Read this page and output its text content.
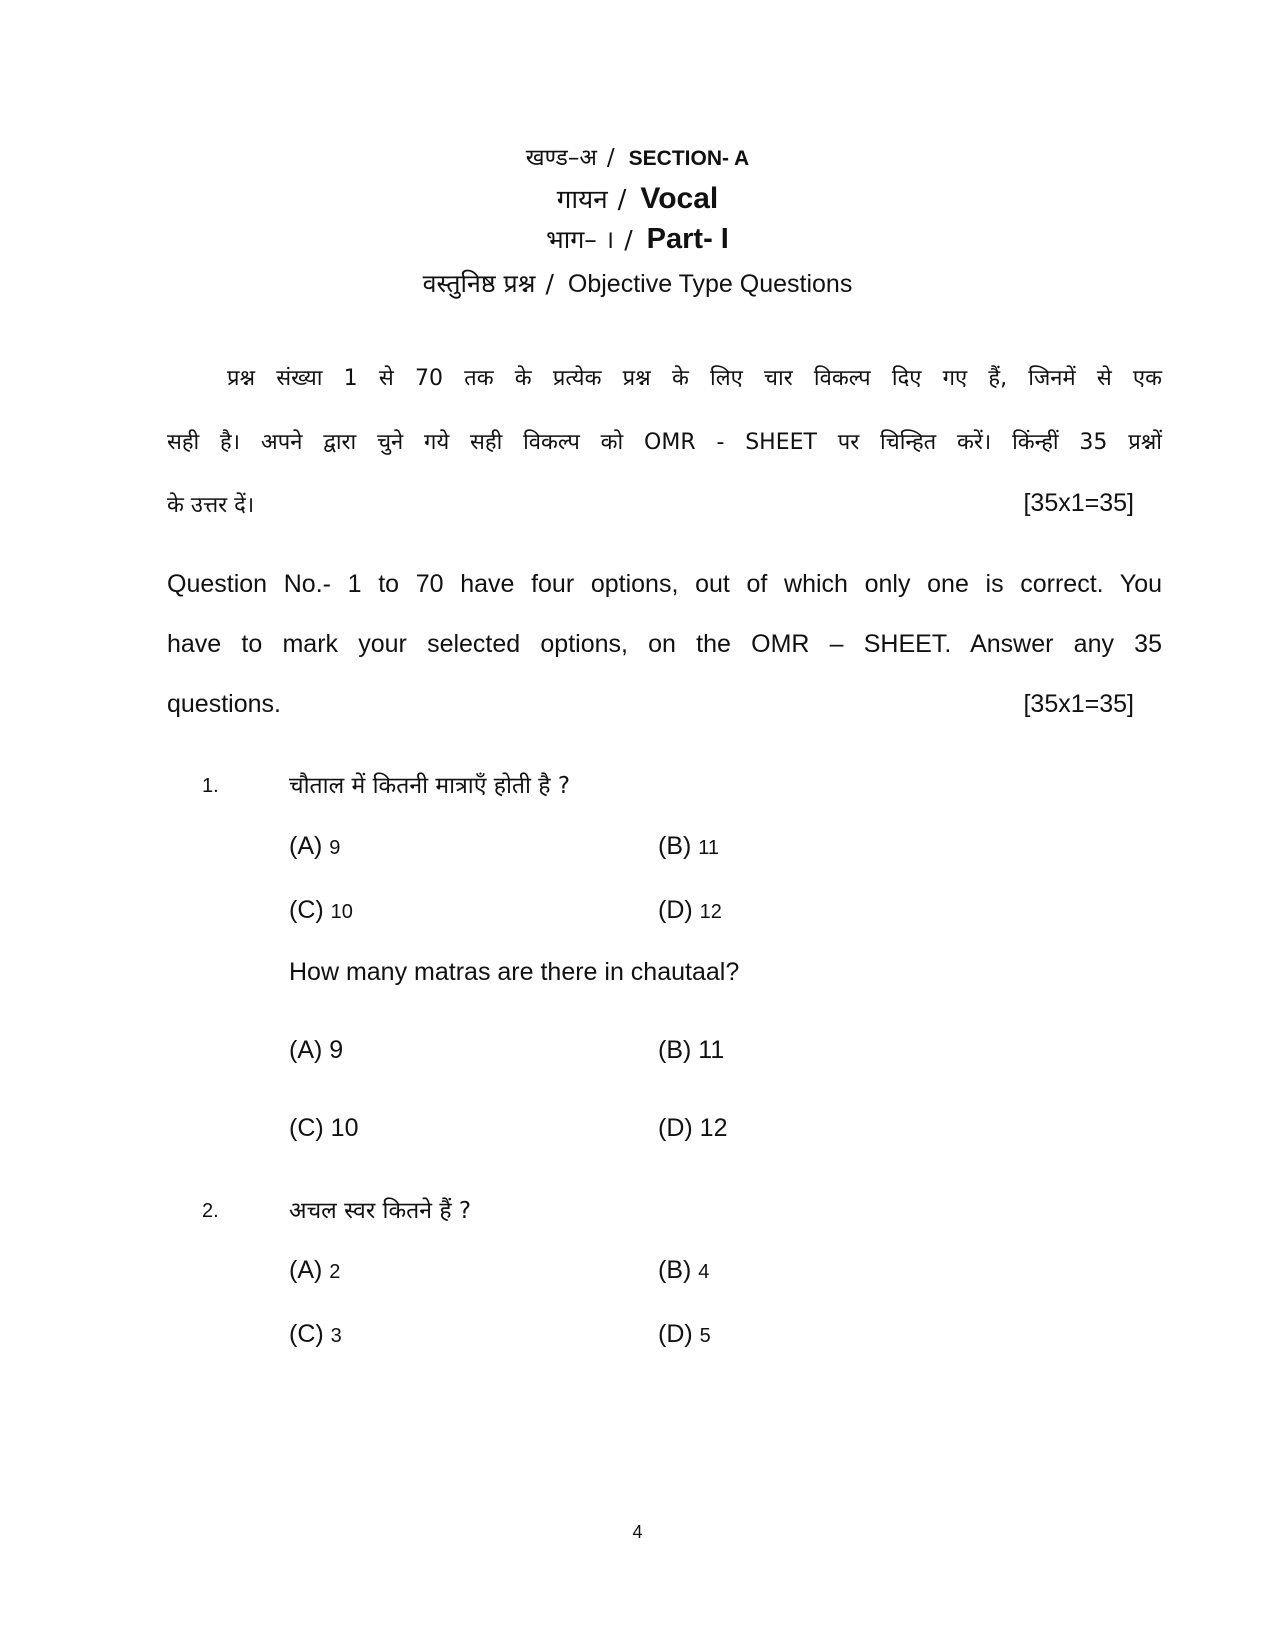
खण्ड–अ / SECTION- A
गायन / Vocal
भाग– । / Part- I
वस्तुनिष्ठ प्रश्न / Objective Type Questions
प्रश्न संख्या 1 से 70 तक के प्रत्येक प्रश्न के लिए चार विकल्प दिए गए हैं, जिनमें से एक
सही है। अपने द्वारा चुने गये सही विकल्प को OMR - SHEET पर चिन्हित करें। किंन्हीं 35 प्रश्नों
के उत्तर दें।	[35x1=35]
Question No.- 1 to 70 have four options, out of which only one is correct. You
have to mark your selected options, on the OMR – SHEET. Answer any 35
questions.	[35x1=35]
1.	चौताल में कितनी मात्राएँ होती है ?
(A) 9	(B) 11
(C) 10	(D) 12
How many matras are there in chautaal?
(A) 9	(B) 11
(C) 10	(D) 12
2.	अचल स्वर कितने हैं ?
(A) 2	(B) 4
(C) 3	(D) 5
4
